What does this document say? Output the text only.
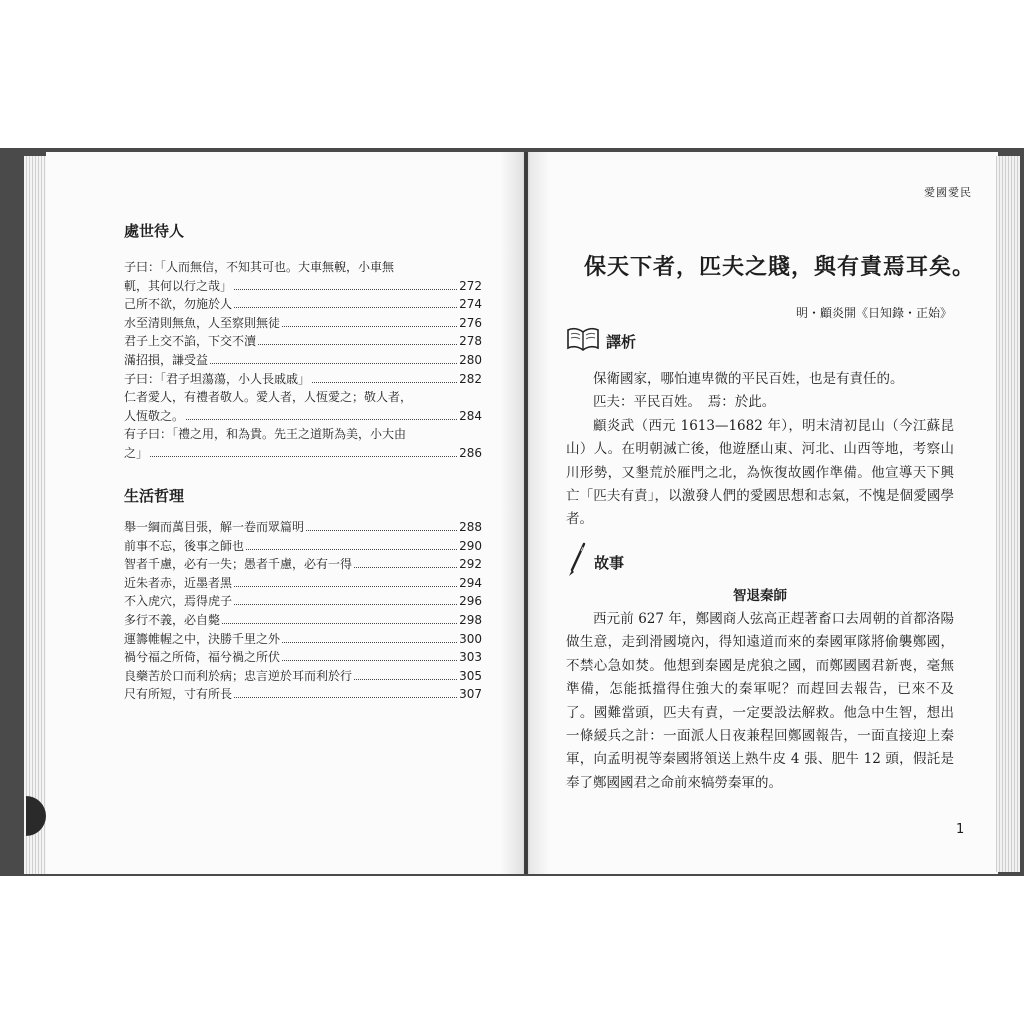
處世待人
子曰：「人而無信，不知其可也。大車無輗，小車無
軏，其何以行之哉」	272
己所不欲，勿施於人	274
水至清則無魚，人至察則無徒	276
君子上交不諂，下交不瀆	278
滿招損，謙受益	280
子曰：「君子坦蕩蕩，小人長戚戚」	282
仁者愛人，有禮者敬人。愛人者，人恆愛之；敬人者，
人恆敬之。	284
有子曰：「禮之用，和為貴。先王之道斯為美，小大由
之」	286
生活哲理
舉一綱而萬目張，解一卷而眾篇明	288
前事不忘，後事之師也	290
智者千慮，必有一失；愚者千慮，必有一得	292
近朱者赤，近墨者黑	294
不入虎穴，焉得虎子	296
多行不義，必自斃	298
運籌帷幄之中，決勝千里之外	300
禍兮福之所倚，福兮禍之所伏	303
良藥苦於口而利於病；忠言逆於耳而利於行	305
尺有所短，寸有所長	307
愛國愛民
保天下者，匹夫之賤，與有責焉耳矣。
明・顧炎開《日知錄・正始》
譯析

保衛國家，哪怕連卑微的平民百姓，也是有責任的。

匹夫：平民百姓。　焉：於此。

顧炎武（西元 1613—1682 年），明末清初昆山（今江蘇昆山）人。在明朝滅亡後，他遊歷山東、河北、山西等地，考察山川形勢，又墾荒於雁門之北，為恢復故國作準備。他宣導天下興亡「匹夫有責」，以激發人們的愛國思想和志氣，不愧是個愛國學者。

故事
智退秦師

西元前 627 年，鄭國商人弦高正趕著畜口去周朝的首都洛陽做生意，走到滑國境內，得知遠道而來的秦國軍隊將偷襲鄭國，不禁心急如焚。他想到秦國是虎狼之國，而鄭國國君新喪，毫無準備，怎能抵擋得住強大的秦軍呢？而趕回去報告，已來不及了。國難當頭，匹夫有責，一定要設法解救。他急中生智，想出一條緩兵之計：一面派人日夜兼程回鄭國報告，一面直接迎上秦軍，向孟明視等秦國將領送上熟牛皮 4 張、肥牛 12 頭，假託是奉了鄭國國君之命前來犒勞秦軍的。

1
